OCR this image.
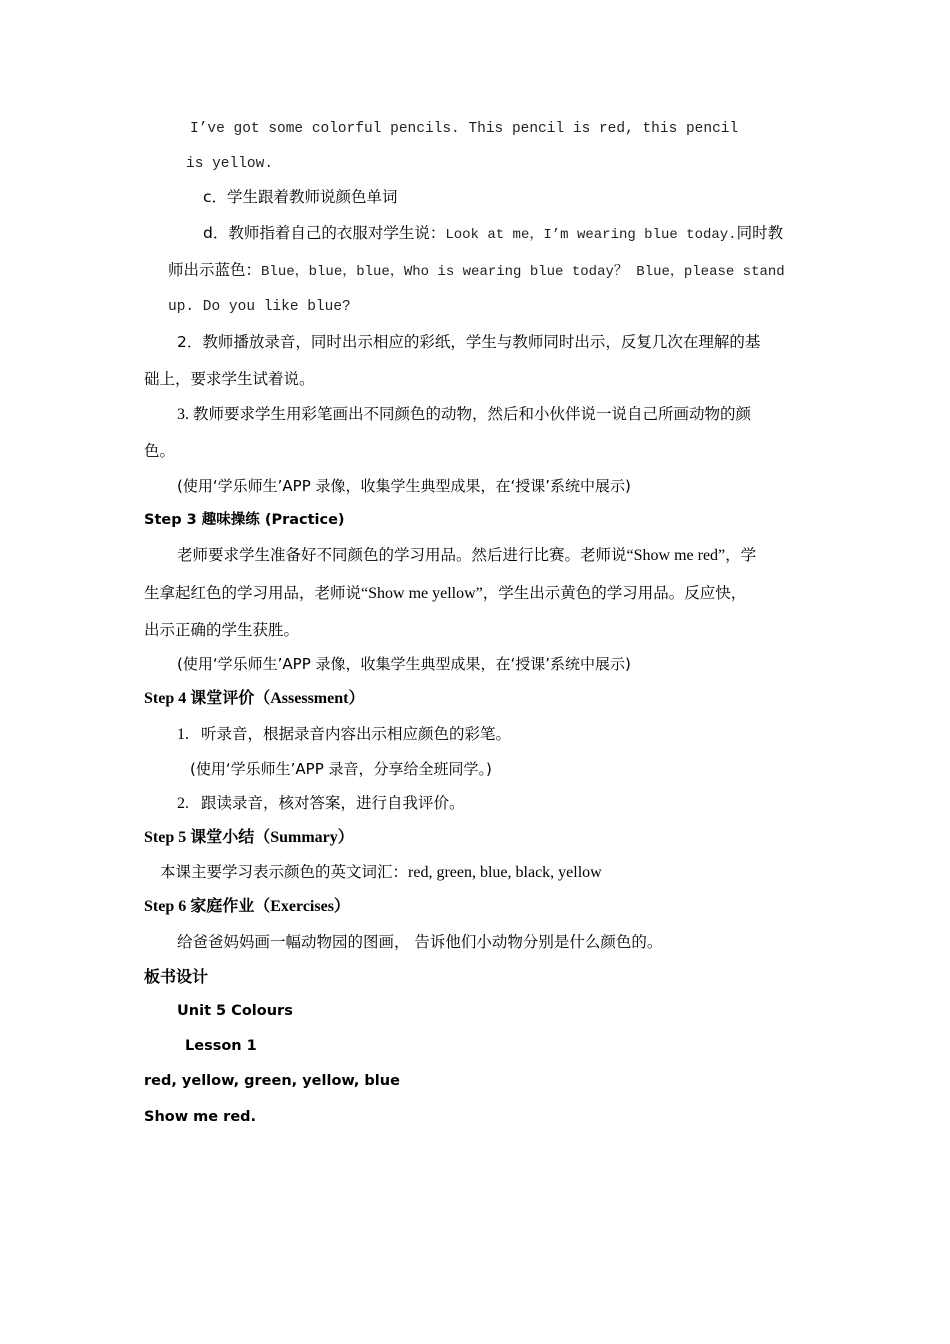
I’ve got some colorful pencils. This pencil is red, this pencil
is yellow.
c．学生跟着教师说颜色单词
d．教师指着自己的衣服对学生说：Look at me，I’m wearing blue today.同时教
师出示蓝色：Blue，blue，blue，Who is wearing blue today？ Blue，please stand
up. Do you like blue?
2．教师播放录音，同时出示相应的彩纸，学生与教师同时出示，反复几次在理解的基
础上，要求学生试着说。
3. 教师要求学生用彩笔画出不同颜色的动物，然后和小伙伴说一说自己所画动物的颜
色。
(使用‘学乐师生’APP 录像，收集学生典型成果，在‘授课’系统中展示)
Step 3 趣味操练 (Practice)
老师要求学生准备好不同颜色的学习用品。然后进行比赛。老师说“Show me red”，学
生拿起红色的学习用品，老师说“Show me yellow”，学生出示黄色的学习用品。反应快，
出示正确的学生获胜。
(使用‘学乐师生’APP 录像，收集学生典型成果，在‘授课’系统中展示)
Step 4 课堂评价（Assessment）
1. 听录音，根据录音内容出示相应颜色的彩笔。
(使用‘学乐师生’APP 录音，分享给全班同学。)
2. 跟读录音，核对答案，进行自我评价。
Step 5 课堂小结（Summary）
本课主要学习表示颜色的英文词汇：red, green, blue, black, yellow
Step 6 家庭作业（Exercises）
给爸爸妈妈画一幅动物园的图画， 告诉他们小动物分别是什么颜色的。
板书设计
Unit 5 Colours
Lesson 1
red, yellow, green, yellow, blue
Show me red.
